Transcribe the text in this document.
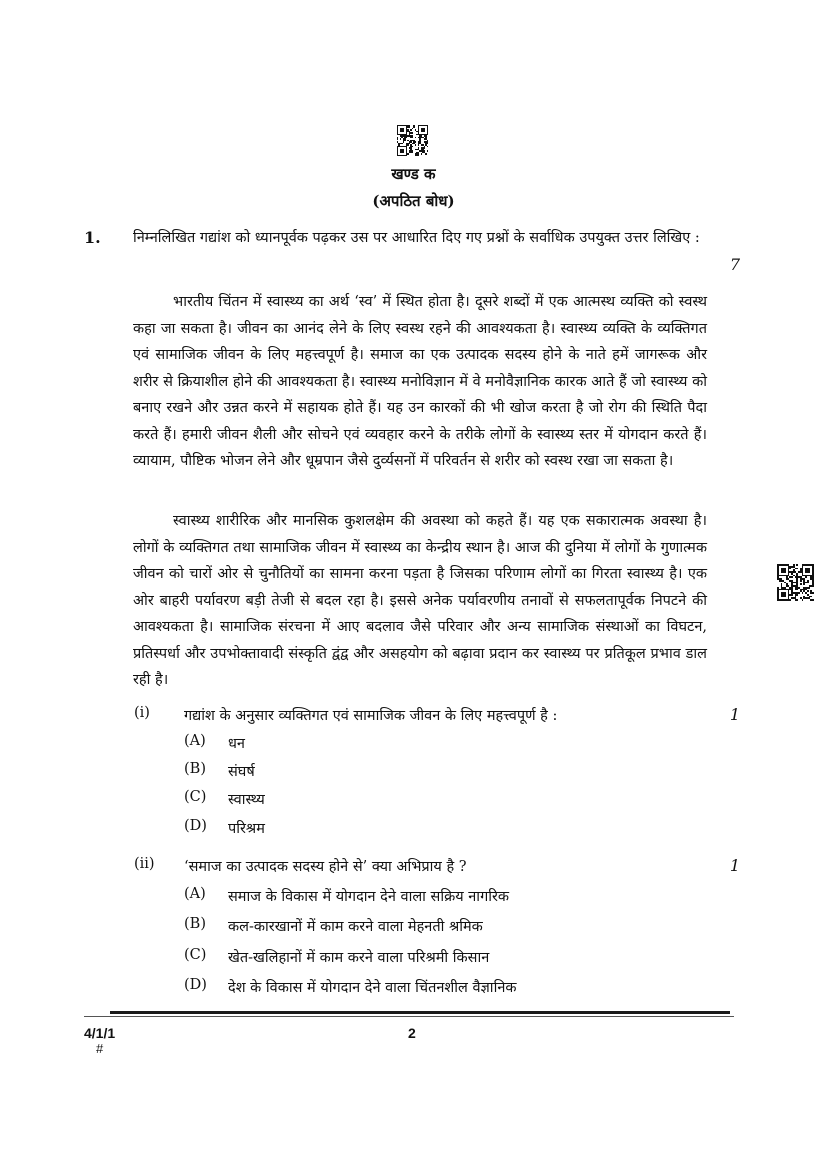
खण्ड क
(अपठित बोध)
1. निम्नलिखित गद्यांश को ध्यानपूर्वक पढ़कर उस पर आधारित दिए गए प्रश्नों के सर्वाधिक उपयुक्त उत्तर लिखिए :
7
भारतीय चिंतन में स्वास्थ्य का अर्थ ‘स्व’ में स्थित होता है। दूसरे शब्दों में एक आत्मस्थ व्यक्ति को स्वस्थ कहा जा सकता है। जीवन का आनंद लेने के लिए स्वस्थ रहने की आवश्यकता है। स्वास्थ्य व्यक्ति के व्यक्तिगत एवं सामाजिक जीवन के लिए महत्त्वपूर्ण है। समाज का एक उत्पादक सदस्य होने के नाते हमें जागरूक और शरीर से क्रियाशील होने की आवश्यकता है। स्वास्थ्य मनोविज्ञान में वे मनोवैज्ञानिक कारक आते हैं जो स्वास्थ्य को बनाए रखने और उन्नत करने में सहायक होते हैं। यह उन कारकों की भी खोज करता है जो रोग की स्थिति पैदा करते हैं। हमारी जीवन शैली और सोचने एवं व्यवहार करने के तरीके लोगों के स्वास्थ्य स्तर में योगदान करते हैं। व्यायाम, पौष्टिक भोजन लेने और धूम्रपान जैसे दुर्व्यसनों में परिवर्तन से शरीर को स्वस्थ रखा जा सकता है।
स्वास्थ्य शारीरिक और मानसिक कुशलक्षेम की अवस्था को कहते हैं। यह एक सकारात्मक अवस्था है। लोगों के व्यक्तिगत तथा सामाजिक जीवन में स्वास्थ्य का केन्द्रीय स्थान है। आज की दुनिया में लोगों के गुणात्मक जीवन को चारों ओर से चुनौतियों का सामना करना पड़ता है जिसका परिणाम लोगों का गिरता स्वास्थ्य है। एक ओर बाहरी पर्यावरण बड़ी तेजी से बदल रहा है। इससे अनेक पर्यावरणीय तनावों से सफलतापूर्वक निपटने की आवश्यकता है। सामाजिक संरचना में आए बदलाव जैसे परिवार और अन्य सामाजिक संस्थाओं का विघटन, प्रतिस्पर्धा और उपभोक्तावादी संस्कृति द्वंद्व और असहयोग को बढ़ावा प्रदान कर स्वास्थ्य पर प्रतिकूल प्रभाव डाल रही है।
(i) गद्यांश के अनुसार व्यक्तिगत एवं सामाजिक जीवन के लिए महत्त्वपूर्ण है :	1
(A) धन
(B) संघर्ष
(C) स्वास्थ्य
(D) परिश्रम
(ii) ‘समाज का उत्पादक सदस्य होने से’ क्या अभिप्राय है ?	1
(A) समाज के विकास में योगदान देने वाला सक्रिय नागरिक
(B) कल-कारखानों में काम करने वाला मेहनती श्रमिक
(C) खेत-खलिहानों में काम करने वाला परिश्रमी किसान
(D) देश के विकास में योगदान देने वाला चिंतनशील वैज्ञानिक
4/1/1
#
2
